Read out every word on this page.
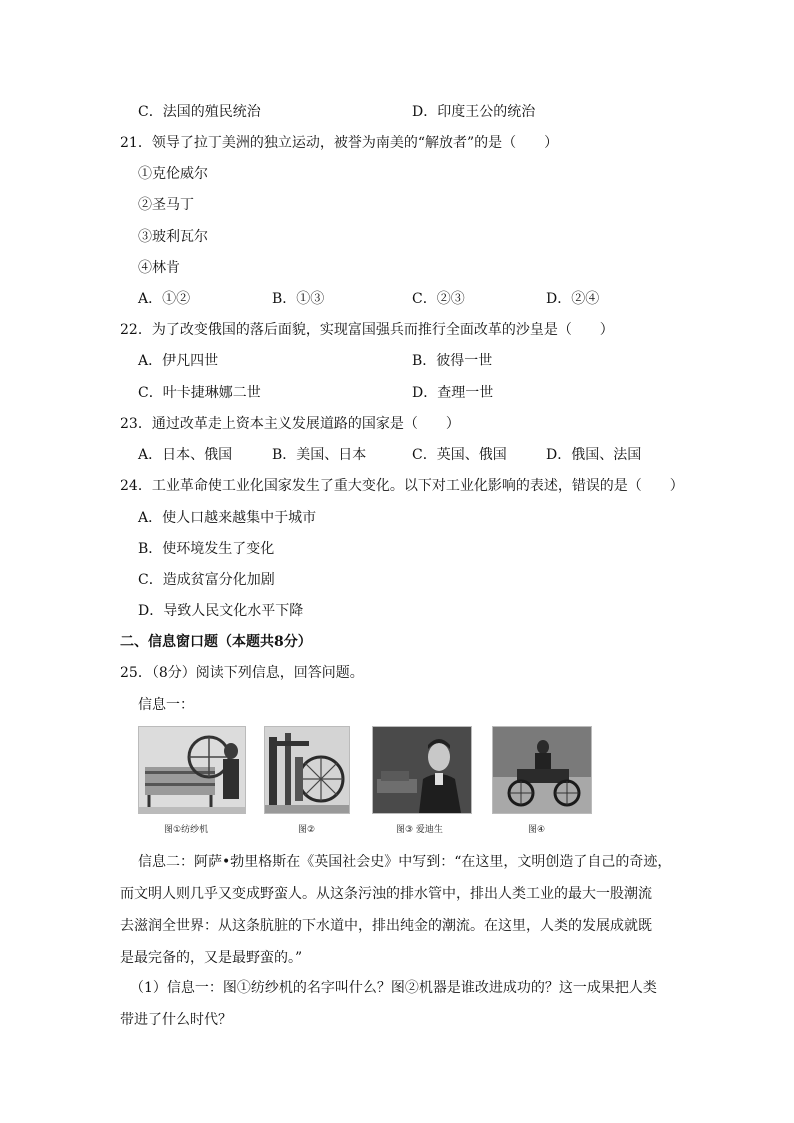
C．法国的殖民统治	D．印度王公的统治
21．领导了拉丁美洲的独立运动，被誉为南美的“解放者”的是（　　）
①克伦威尔
②圣马丁
③玻利瓦尔
④林肯
A．①②	B．①③	C．②③	D．②④
22．为了改变俄国的落后面貌，实现富国强兵而推行全面改革的沙皇是（　　）
A．伊凡四世	B．彼得一世
C．叶卡捷琳娜二世	D．查理一世
23．通过改革走上资本主义发展道路的国家是（　　）
A．日本、俄国	B．美国、日本	C．英国、俄国	D．俄国、法国
24．工业革命使工业化国家发生了重大变化。以下对工业化影响的表述，错误的是（　　）
A．使人口越来越集中于城市
B．使环境发生了变化
C．造成贫富分化加剧
D．导致人民文化水平下降
二、信息窗口题（本题共8分）
25．（8分）阅读下列信息，回答问题。
信息一：
图①纺纱机	图②	图③ 爱迪生	图④
信息二：阿萨•勃里格斯在《英国社会史》中写到：“在这里，文明创造了自己的奇迹，
而文明人则几乎又变成野蛮人。从这条污浊的排水管中，排出人类工业的最大一股潮流
去滋润全世界：从这条肮脏的下水道中，排出纯金的潮流。在这里，人类的发展成就既
是最完备的，又是最野蛮的。”
（1）信息一：图①纺纱机的名字叫什么？图②机器是谁改进成功的？这一成果把人类
带进了什么时代？
